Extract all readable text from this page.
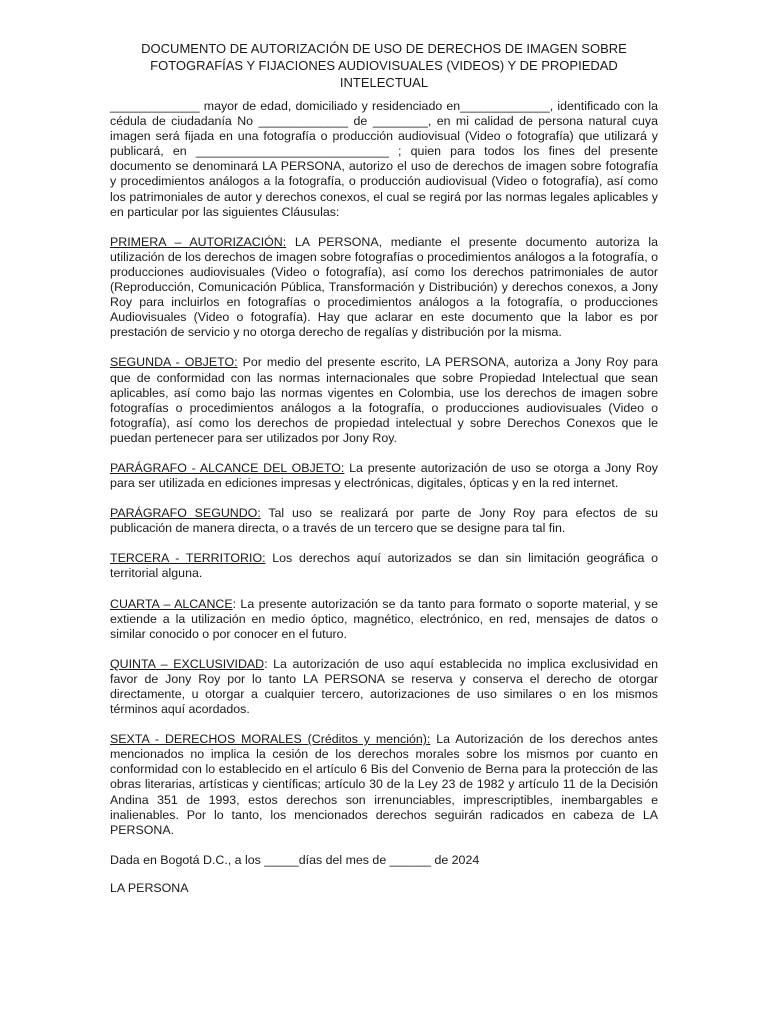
DOCUMENTO DE AUTORIZACIÓN DE USO DE DERECHOS DE IMAGEN SOBRE FOTOGRAFÍAS Y FIJACIONES AUDIOVISUALES (VIDEOS) Y DE PROPIEDAD INTELECTUAL
_____________ mayor de edad, domiciliado y residenciado en_____________, identificado con la cédula de ciudadanía No _____________ de ________, en mi calidad de persona natural cuya imagen será fijada en una fotografía o producción audiovisual (Video o fotografía) que utilizará y publicará, en ____________________________ ; quien para todos los fines del presente documento se denominará LA PERSONA, autorizo el uso de derechos de imagen sobre fotografía y procedimientos análogos a la fotografía, o producción audiovisual (Video o fotografía), así como los patrimoniales de autor y derechos conexos, el cual se regirá por las normas legales aplicables y en particular por las siguientes Cláusulas:
PRIMERA – AUTORIZACIÓN: LA PERSONA, mediante el presente documento autoriza la utilización de los derechos de imagen sobre fotografías o procedimientos análogos a la fotografía, o producciones audiovisuales (Video o fotografía), así como los derechos patrimoniales de autor (Reproducción, Comunicación Pública, Transformación y Distribución) y derechos conexos, a Jony Roy para incluirlos en fotografías o procedimientos análogos a la fotografía, o producciones Audiovisuales (Video o fotografía). Hay que aclarar en este documento que la labor es por prestación de servicio y no otorga derecho de regalías y distribución por la misma.
SEGUNDA - OBJETO: Por medio del presente escrito, LA PERSONA, autoriza a Jony Roy para que de conformidad con las normas internacionales que sobre Propiedad Intelectual que sean aplicables, así como bajo las normas vigentes en Colombia, use los derechos de imagen sobre fotografías o procedimientos análogos a la fotografía, o producciones audiovisuales (Video o fotografía), así como los derechos de propiedad intelectual y sobre Derechos Conexos que le puedan pertenecer para ser utilizados por Jony Roy.
PARÁGRAFO - ALCANCE DEL OBJETO: La presente autorización de uso se otorga a Jony Roy para ser utilizada en ediciones impresas y electrónicas, digitales, ópticas y en la red internet.
PARÁGRAFO SEGUNDO: Tal uso se realizará por parte de Jony Roy para efectos de su publicación de manera directa, o a través de un tercero que se designe para tal fin.
TERCERA - TERRITORIO: Los derechos aquí autorizados se dan sin limitación geográfica o territorial alguna.
CUARTA – ALCANCE: La presente autorización se da tanto para formato o soporte material, y se extiende a la utilización en medio óptico, magnético, electrónico, en red, mensajes de datos o similar conocido o por conocer en el futuro.
QUINTA – EXCLUSIVIDAD: La autorización de uso aquí establecida no implica exclusividad en favor de Jony Roy por lo tanto LA PERSONA se reserva y conserva el derecho de otorgar directamente, u otorgar a cualquier tercero, autorizaciones de uso similares o en los mismos términos aquí acordados.
SEXTA - DERECHOS MORALES (Créditos y mención): La Autorización de los derechos antes mencionados no implica la cesión de los derechos morales sobre los mismos por cuanto en conformidad con lo establecido en el artículo 6 Bis del Convenio de Berna para la protección de las obras literarias, artísticas y científicas; artículo 30 de la Ley 23 de 1982 y artículo 11 de la Decisión Andina 351 de 1993, estos derechos son irrenunciables, imprescriptibles, inembargables e inalienables. Por lo tanto, los mencionados derechos seguirán radicados en cabeza de LA PERSONA.
Dada en Bogotá D.C., a los _____días del mes de ______ de 2024
LA PERSONA
